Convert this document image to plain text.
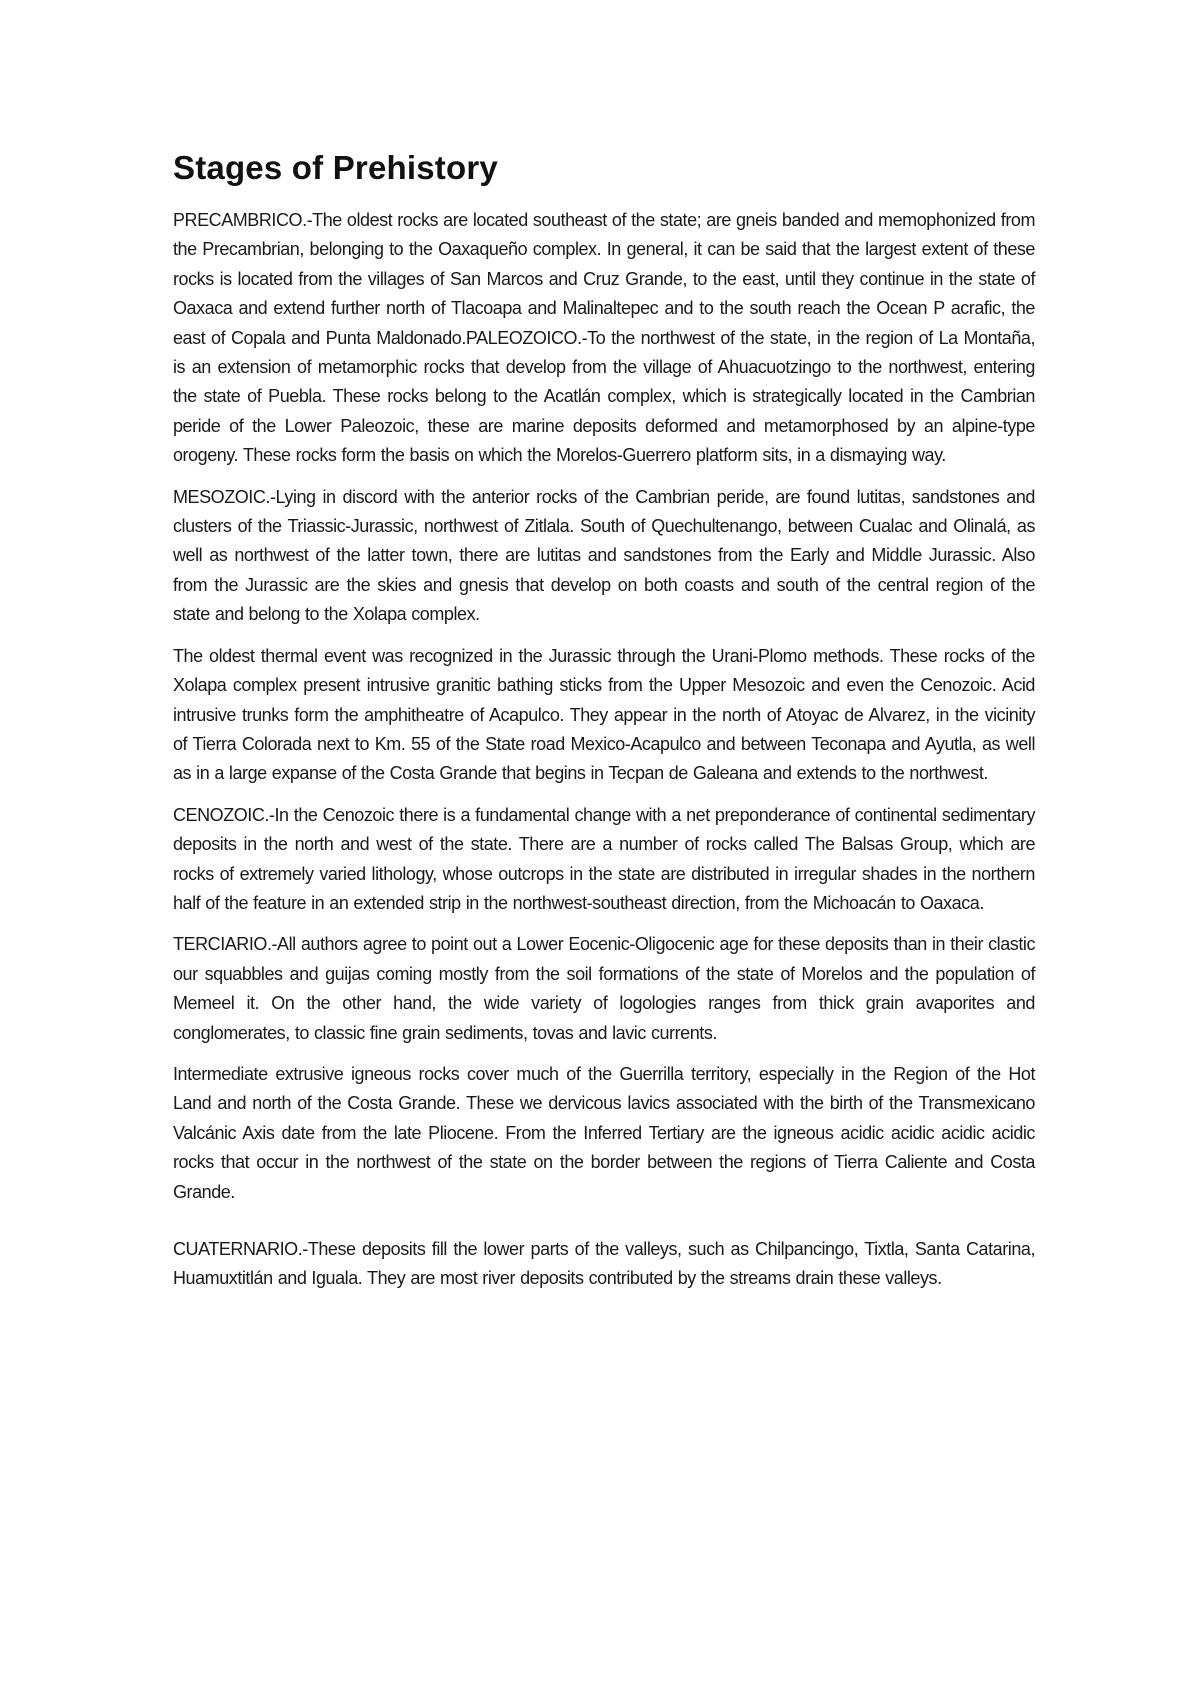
Stages of Prehistory

PRECAMBRICO.-The oldest rocks are located southeast of the state; are gneis banded and memophonized from the Precambrian, belonging to the Oaxaqueño complex. In general, it can be said that the largest extent of these rocks is located from the villages of San Marcos and Cruz Grande, to the east, until they continue in the state of Oaxaca and extend further north of Tlacoapa and Malinaltepec and to the south reach the Ocean P acrafic, the east of Copala and Punta Maldonado.PALEOZOICO.-To the northwest of the state, in the region of La Montaña, is an extension of metamorphic rocks that develop from the village of Ahuacuotzingo to the northwest, entering the state of Puebla. These rocks belong to the Acatlán complex, which is strategically located in the Cambrian peride of the Lower Paleozoic, these are marine deposits deformed and metamorphosed by an alpine-type orogeny. These rocks form the basis on which the Morelos-Guerrero platform sits, in a dismaying way.

MESOZOIC.-Lying in discord with the anterior rocks of the Cambrian peride, are found lutitas, sandstones and clusters of the Triassic-Jurassic, northwest of Zitlala. South of Quechultenango, between Cualac and Olinalá, as well as northwest of the latter town, there are lutitas and sandstones from the Early and Middle Jurassic. Also from the Jurassic are the skies and gnesis that develop on both coasts and south of the central region of the state and belong to the Xolapa complex.

The oldest thermal event was recognized in the Jurassic through the Urani-Plomo methods. These rocks of the Xolapa complex present intrusive granitic bathing sticks from the Upper Mesozoic and even the Cenozoic. Acid intrusive trunks form the amphitheatre of Acapulco. They appear in the north of Atoyac de Alvarez, in the vicinity of Tierra Colorada next to Km. 55 of the State road Mexico-Acapulco and between Teconapa and Ayutla, as well as in a large expanse of the Costa Grande that begins in Tecpan de Galeana and extends to the northwest.

CENOZOIC.-In the Cenozoic there is a fundamental change with a net preponderance of continental sedimentary deposits in the north and west of the state. There are a number of rocks called The Balsas Group, which are rocks of extremely varied lithology, whose outcrops in the state are distributed in irregular shades in the northern half of the feature in an extended strip in the northwest-southeast direction, from the Michoacán to Oaxaca.

TERCIARIO.-All authors agree to point out a Lower Eocenic-Oligocenic age for these deposits than in their clastic our squabbles and guijas coming mostly from the soil formations of the state of Morelos and the population of Memeel it. On the other hand, the wide variety of logologies ranges from thick grain avaporites and conglomerates, to classic fine grain sediments, tovas and lavic currents.

Intermediate extrusive igneous rocks cover much of the Guerrilla territory, especially in the Region of the Hot Land and north of the Costa Grande. These we dervicous lavics associated with the birth of the Transmexicano Valcánic Axis date from the late Pliocene. From the Inferred Tertiary are the igneous acidic acidic acidic acidic rocks that occur in the northwest of the state on the border between the regions of Tierra Caliente and Costa Grande.

CUATERNARIO.-These deposits fill the lower parts of the valleys, such as Chilpancingo, Tixtla, Santa Catarina, Huamuxtitlán and Iguala. They are most river deposits contributed by the streams drain these valleys.
